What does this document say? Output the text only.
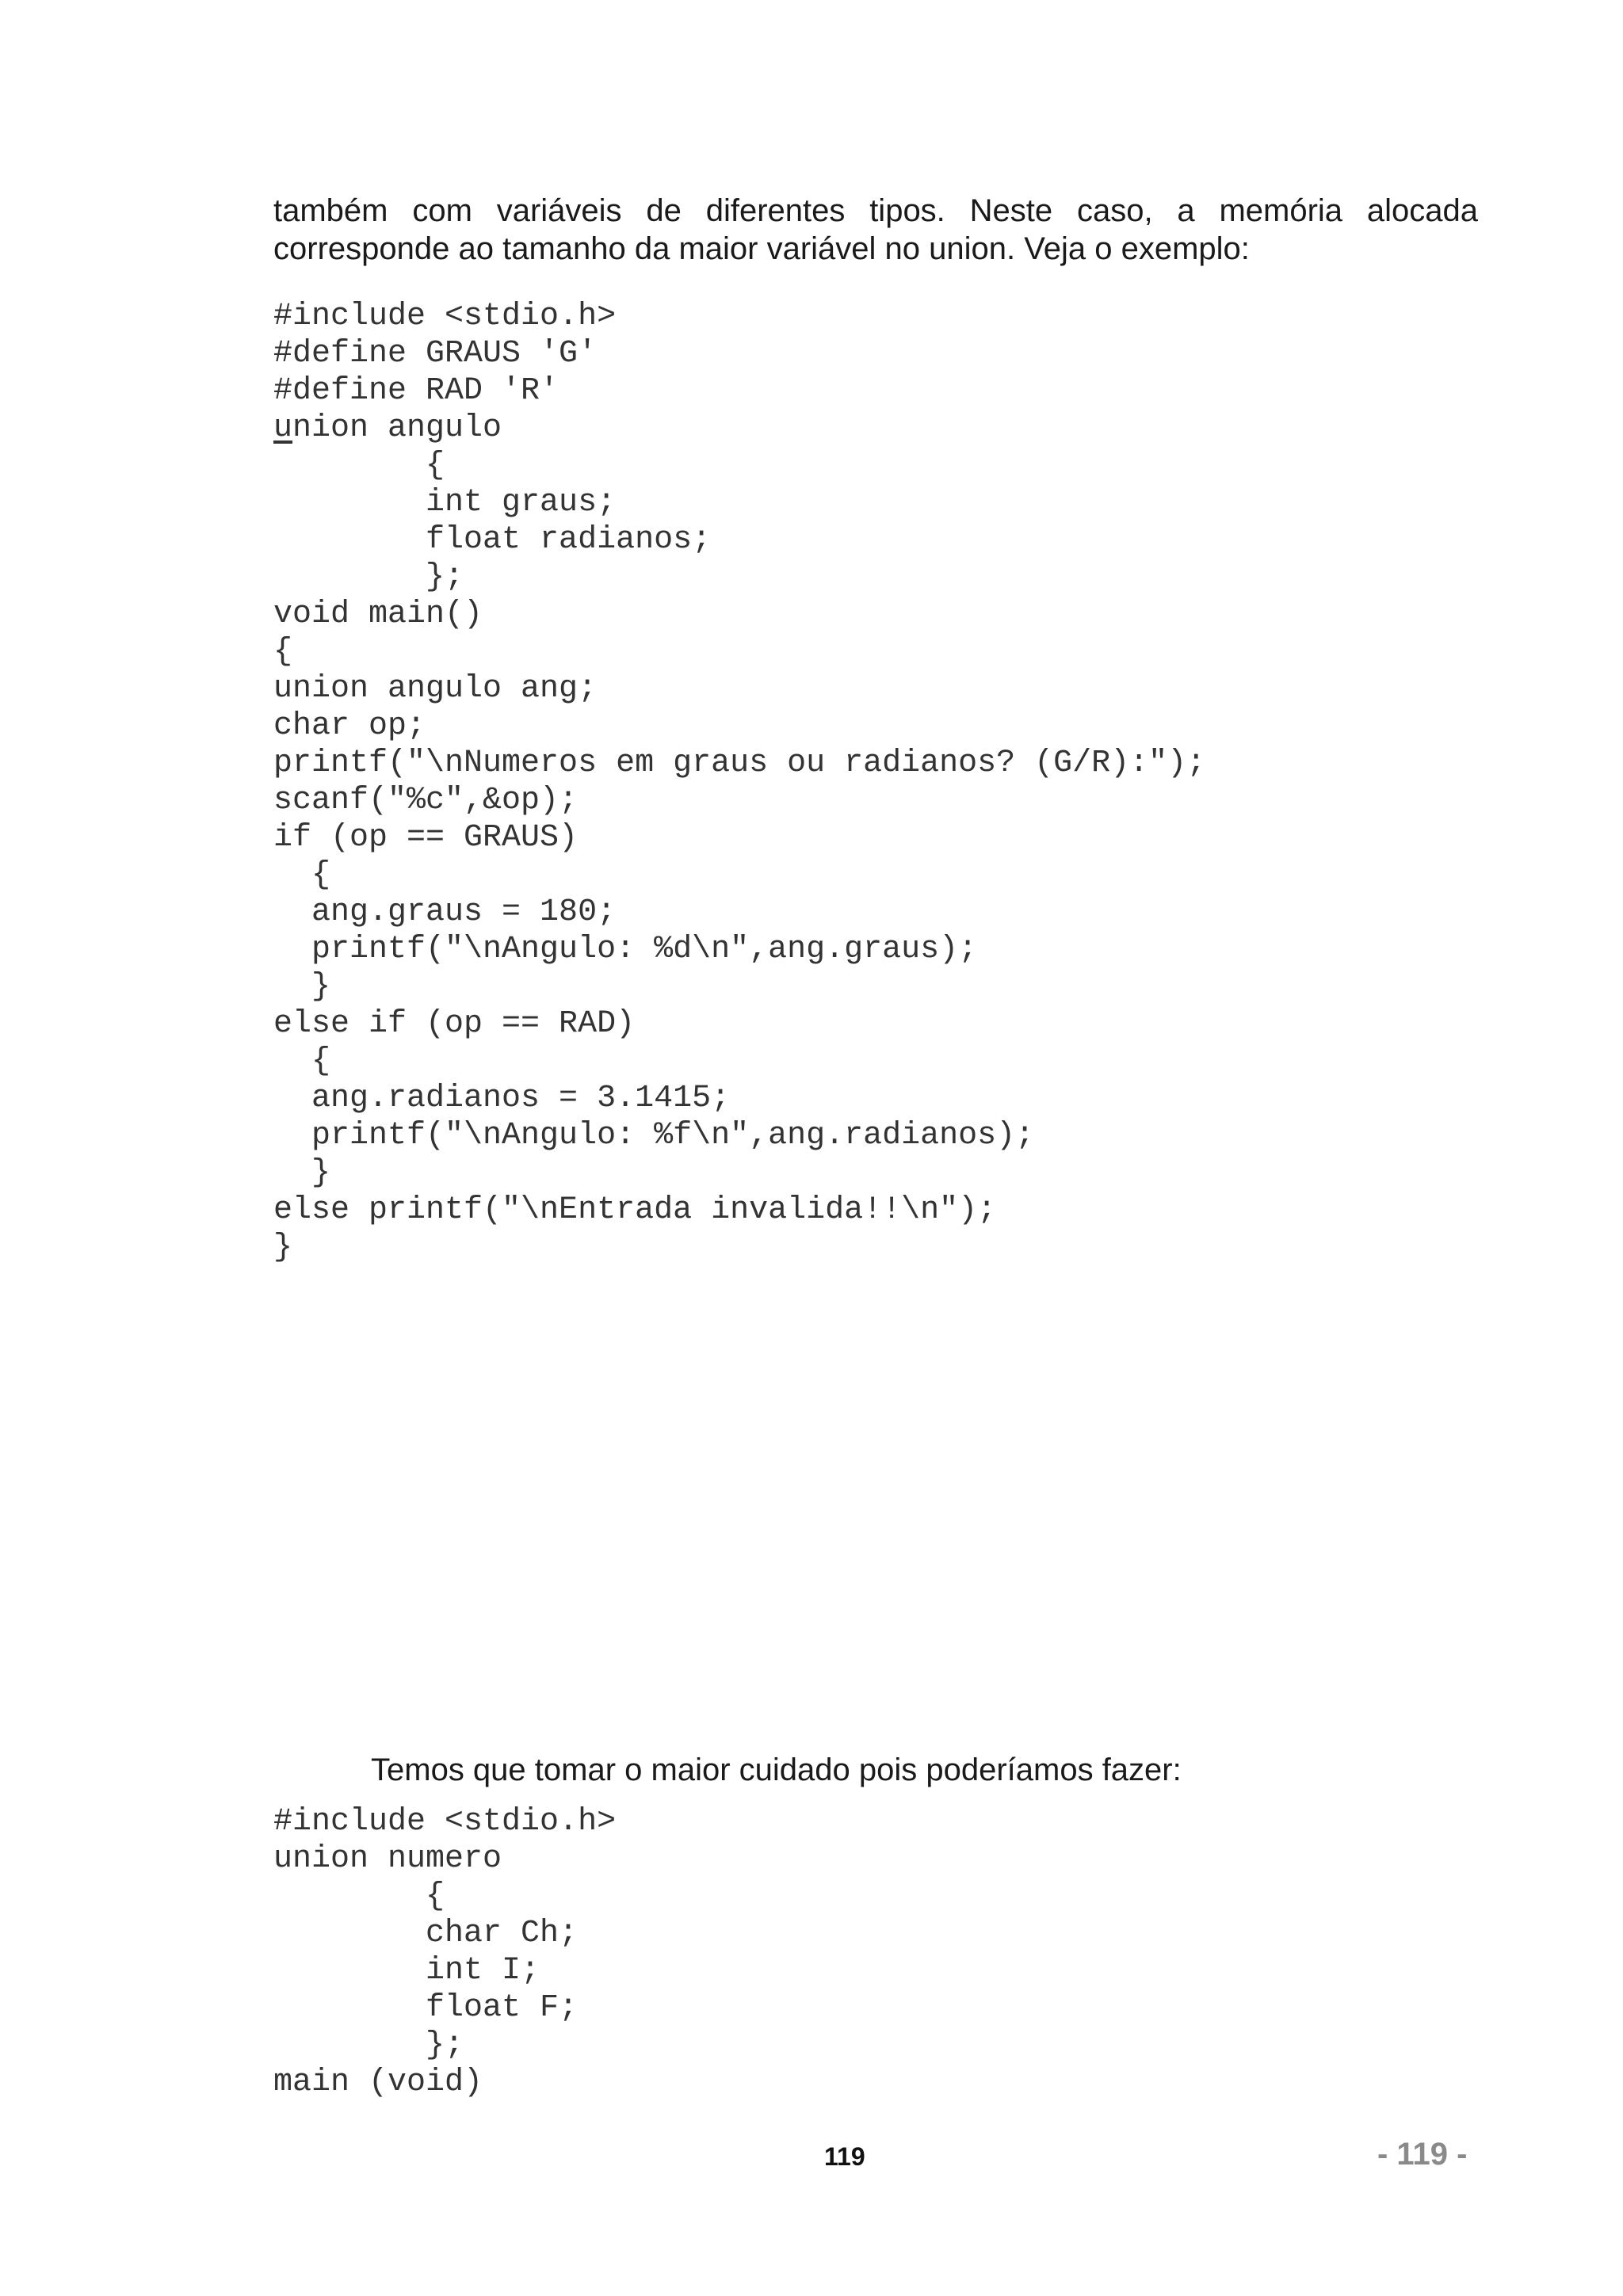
também com variáveis de diferentes tipos. Neste caso, a memória alocada
corresponde ao tamanho da maior variável no union. Veja o exemplo:
#include <stdio.h>
#define GRAUS 'G'
#define RAD 'R'
union angulo
{
int graus;
float radianos;
};
void main()
{
union angulo ang;
char op;
printf("\nNumeros em graus ou radianos? (G/R):");
scanf("%c",&op);
if (op == GRAUS)
{
ang.graus = 180;
printf("\nAngulo: %d\n",ang.graus);
}
else if (op == RAD)
{
ang.radianos = 3.1415;
printf("\nAngulo: %f\n",ang.radianos);
}
else printf("\nEntrada invalida!!\n");
}
Temos que tomar o maior cuidado pois poderíamos fazer:
#include <stdio.h>
union numero
{
char Ch;
int I;
float F;
};
main (void)
119	- 119 -
